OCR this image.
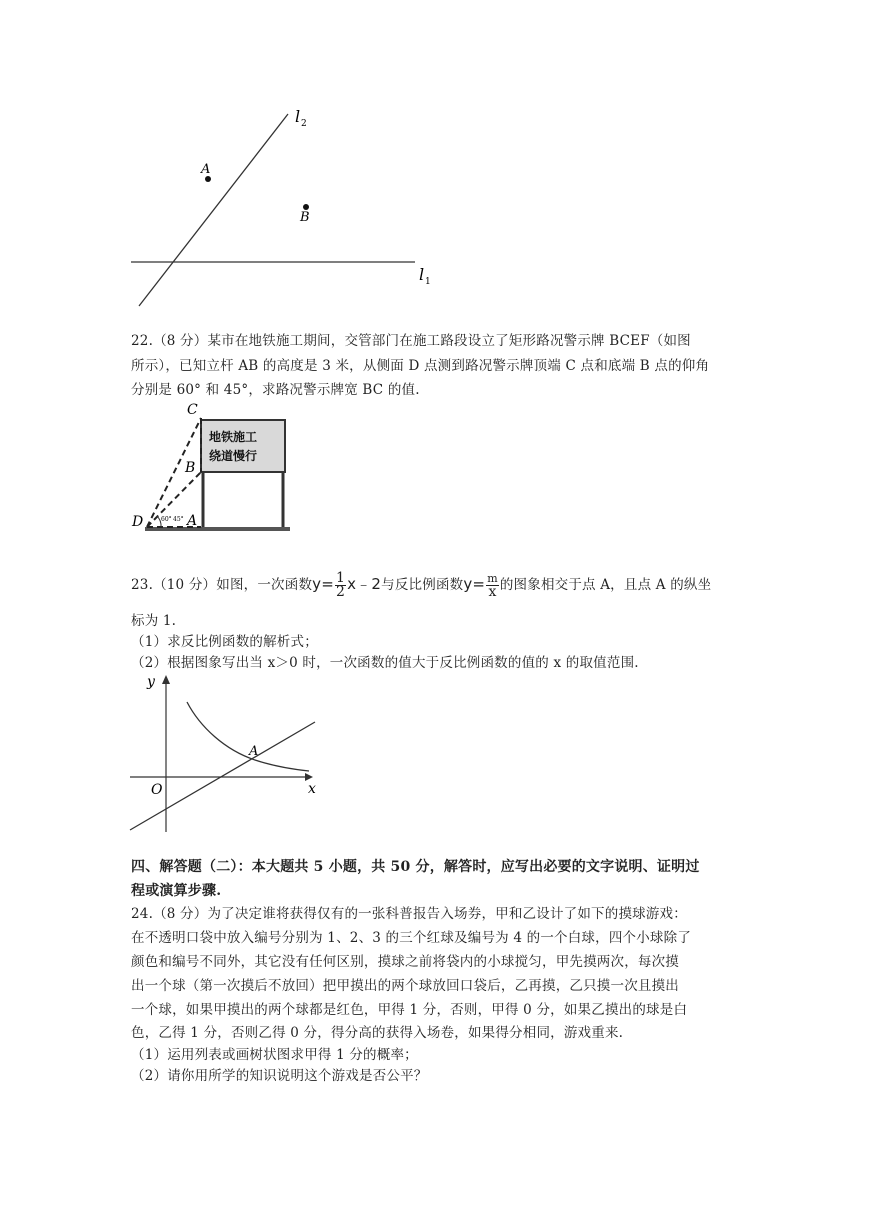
l 2
l 1
A
B
22.（8 分）某市在地铁施工期间，交管部门在施工路段设立了矩形路况警示牌 BCEF（如图
所示），已知立杆 AB 的高度是 3 米，从侧面 D 点测到路况警示牌顶端 C 点和底端 B 点的仰角
分别是 60° 和 45°，求路况警示牌宽 BC 的值.
地铁施工
绕道慢行
60° 45°
C
B
D	A
23.（10 分）如图，一次函数$y= \frac{1}{2}$ x﹣2与反比例函数$y= \frac{m}{x}$ 的图象相交于点 A，且点 A 的纵坐
标为 1.
（1）求反比例函数的解析式；
（2）根据图象写出当 x＞0 时，一次函数的值大于反比例函数的值的 x 的取值范围.
y
x
O
A
四、解答题（二）：本大题共 5 小题，共 50 分，解答时，应写出必要的文字说明、证明过
程或演算步骤.
24.（8 分）为了决定谁将获得仅有的一张科普报告入场券，甲和乙设计了如下的摸球游戏：
在不透明口袋中放入编号分别为 1、2、3 的三个红球及编号为 4 的一个白球，四个小球除了
颜色和编号不同外，其它没有任何区别，摸球之前将袋内的小球搅匀，甲先摸两次，每次摸
出一个球（第一次摸后不放回）把甲摸出的两个球放回口袋后，乙再摸，乙只摸一次且摸出
一个球，如果甲摸出的两个球都是红色，甲得 1 分，否则，甲得 0 分，如果乙摸出的球是白
色，乙得 1 分，否则乙得 0 分，得分高的获得入场卷，如果得分相同，游戏重来.
（1）运用列表或画树状图求甲得 1 分的概率；
（2）请你用所学的知识说明这个游戏是否公平？
